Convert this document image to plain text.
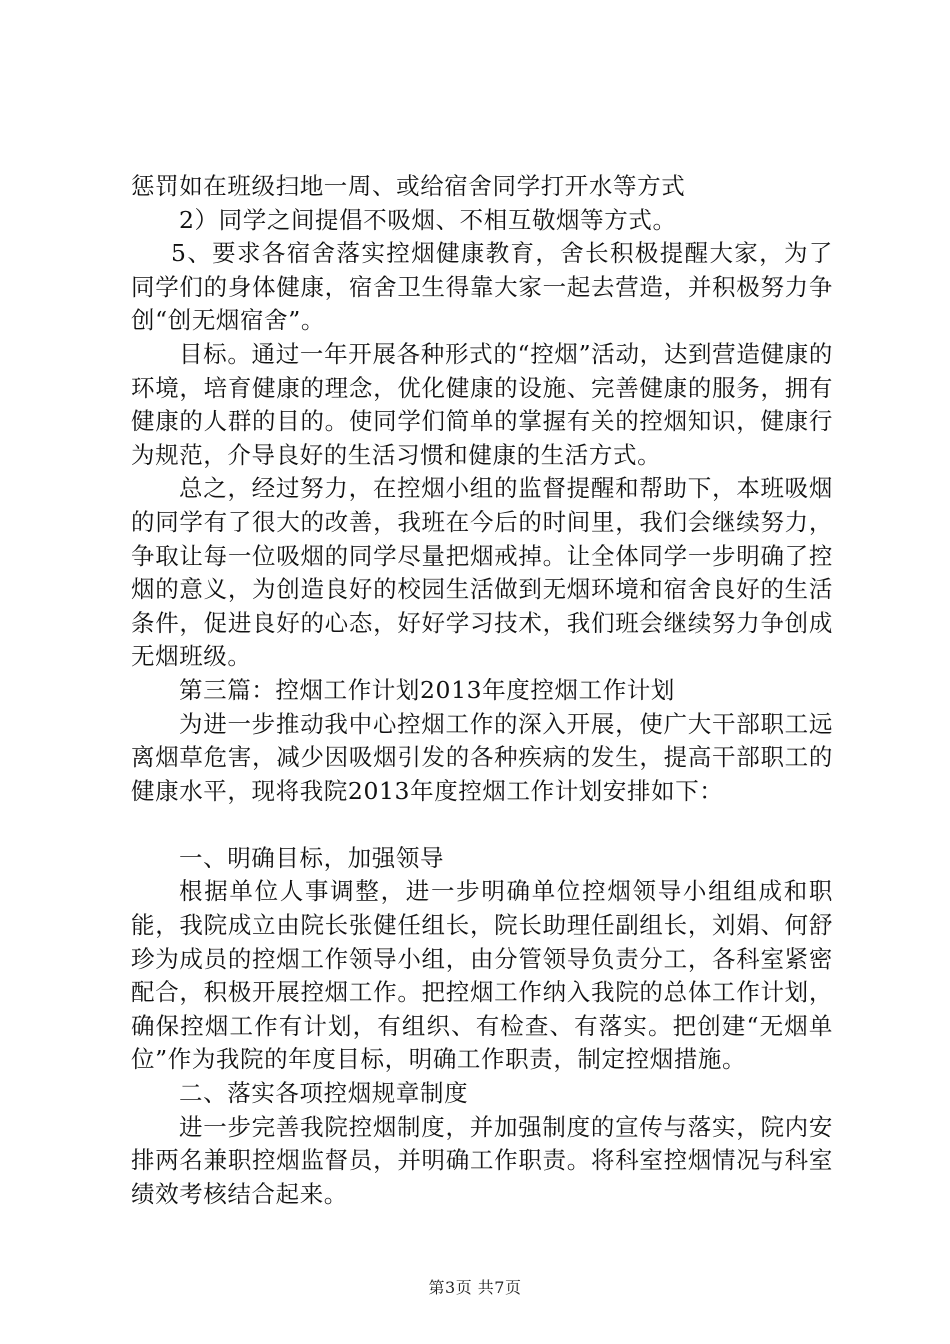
惩罚如在班级扫地一周、或给宿舍同学打开水等方式

2）同学之间提倡不吸烟、不相互敬烟等方式。

5、要求各宿舍落实控烟健康教育，舍长积极提醒大家，为了同学们的身体健康，宿舍卫生得靠大家一起去营造，并积极努力争创“创无烟宿舍”。

目标。通过一年开展各种形式的“控烟”活动，达到营造健康的环境，培育健康的理念，优化健康的设施、完善健康的服务，拥有健康的人群的目的。使同学们简单的掌握有关的控烟知识，健康行为规范，介导良好的生活习惯和健康的生活方式。

总之，经过努力，在控烟小组的监督提醒和帮助下，本班吸烟的同学有了很大的改善，我班在今后的时间里，我们会继续努力，争取让每一位吸烟的同学尽量把烟戒掉。让全体同学一步明确了控烟的意义，为创造良好的校园生活做到无烟环境和宿舍良好的生活条件，促进良好的心态，好好学习技术，我们班会继续努力争创成无烟班级。

第三篇：控烟工作计划2013年度控烟工作计划

为进一步推动我中心控烟工作的深入开展，使广大干部职工远离烟草危害，减少因吸烟引发的各种疾病的发生，提高干部职工的健康水平，现将我院2013年度控烟工作计划安排如下：

一、明确目标，加强领导

根据单位人事调整，进一步明确单位控烟领导小组组成和职能，我院成立由院长张健任组长，院长助理任副组长，刘娟、何舒珍为成员的控烟工作领导小组，由分管领导负责分工，各科室紧密配合，积极开展控烟工作。把控烟工作纳入我院的总体工作计划，确保控烟工作有计划，有组织、有检查、有落实。把创建“无烟单位”作为我院的年度目标，明确工作职责，制定控烟措施。

二、落实各项控烟规章制度

进一步完善我院控烟制度，并加强制度的宣传与落实，院内安排两名兼职控烟监督员，并明确工作职责。将科室控烟情况与科室绩效考核结合起来。

第3页 共7页
